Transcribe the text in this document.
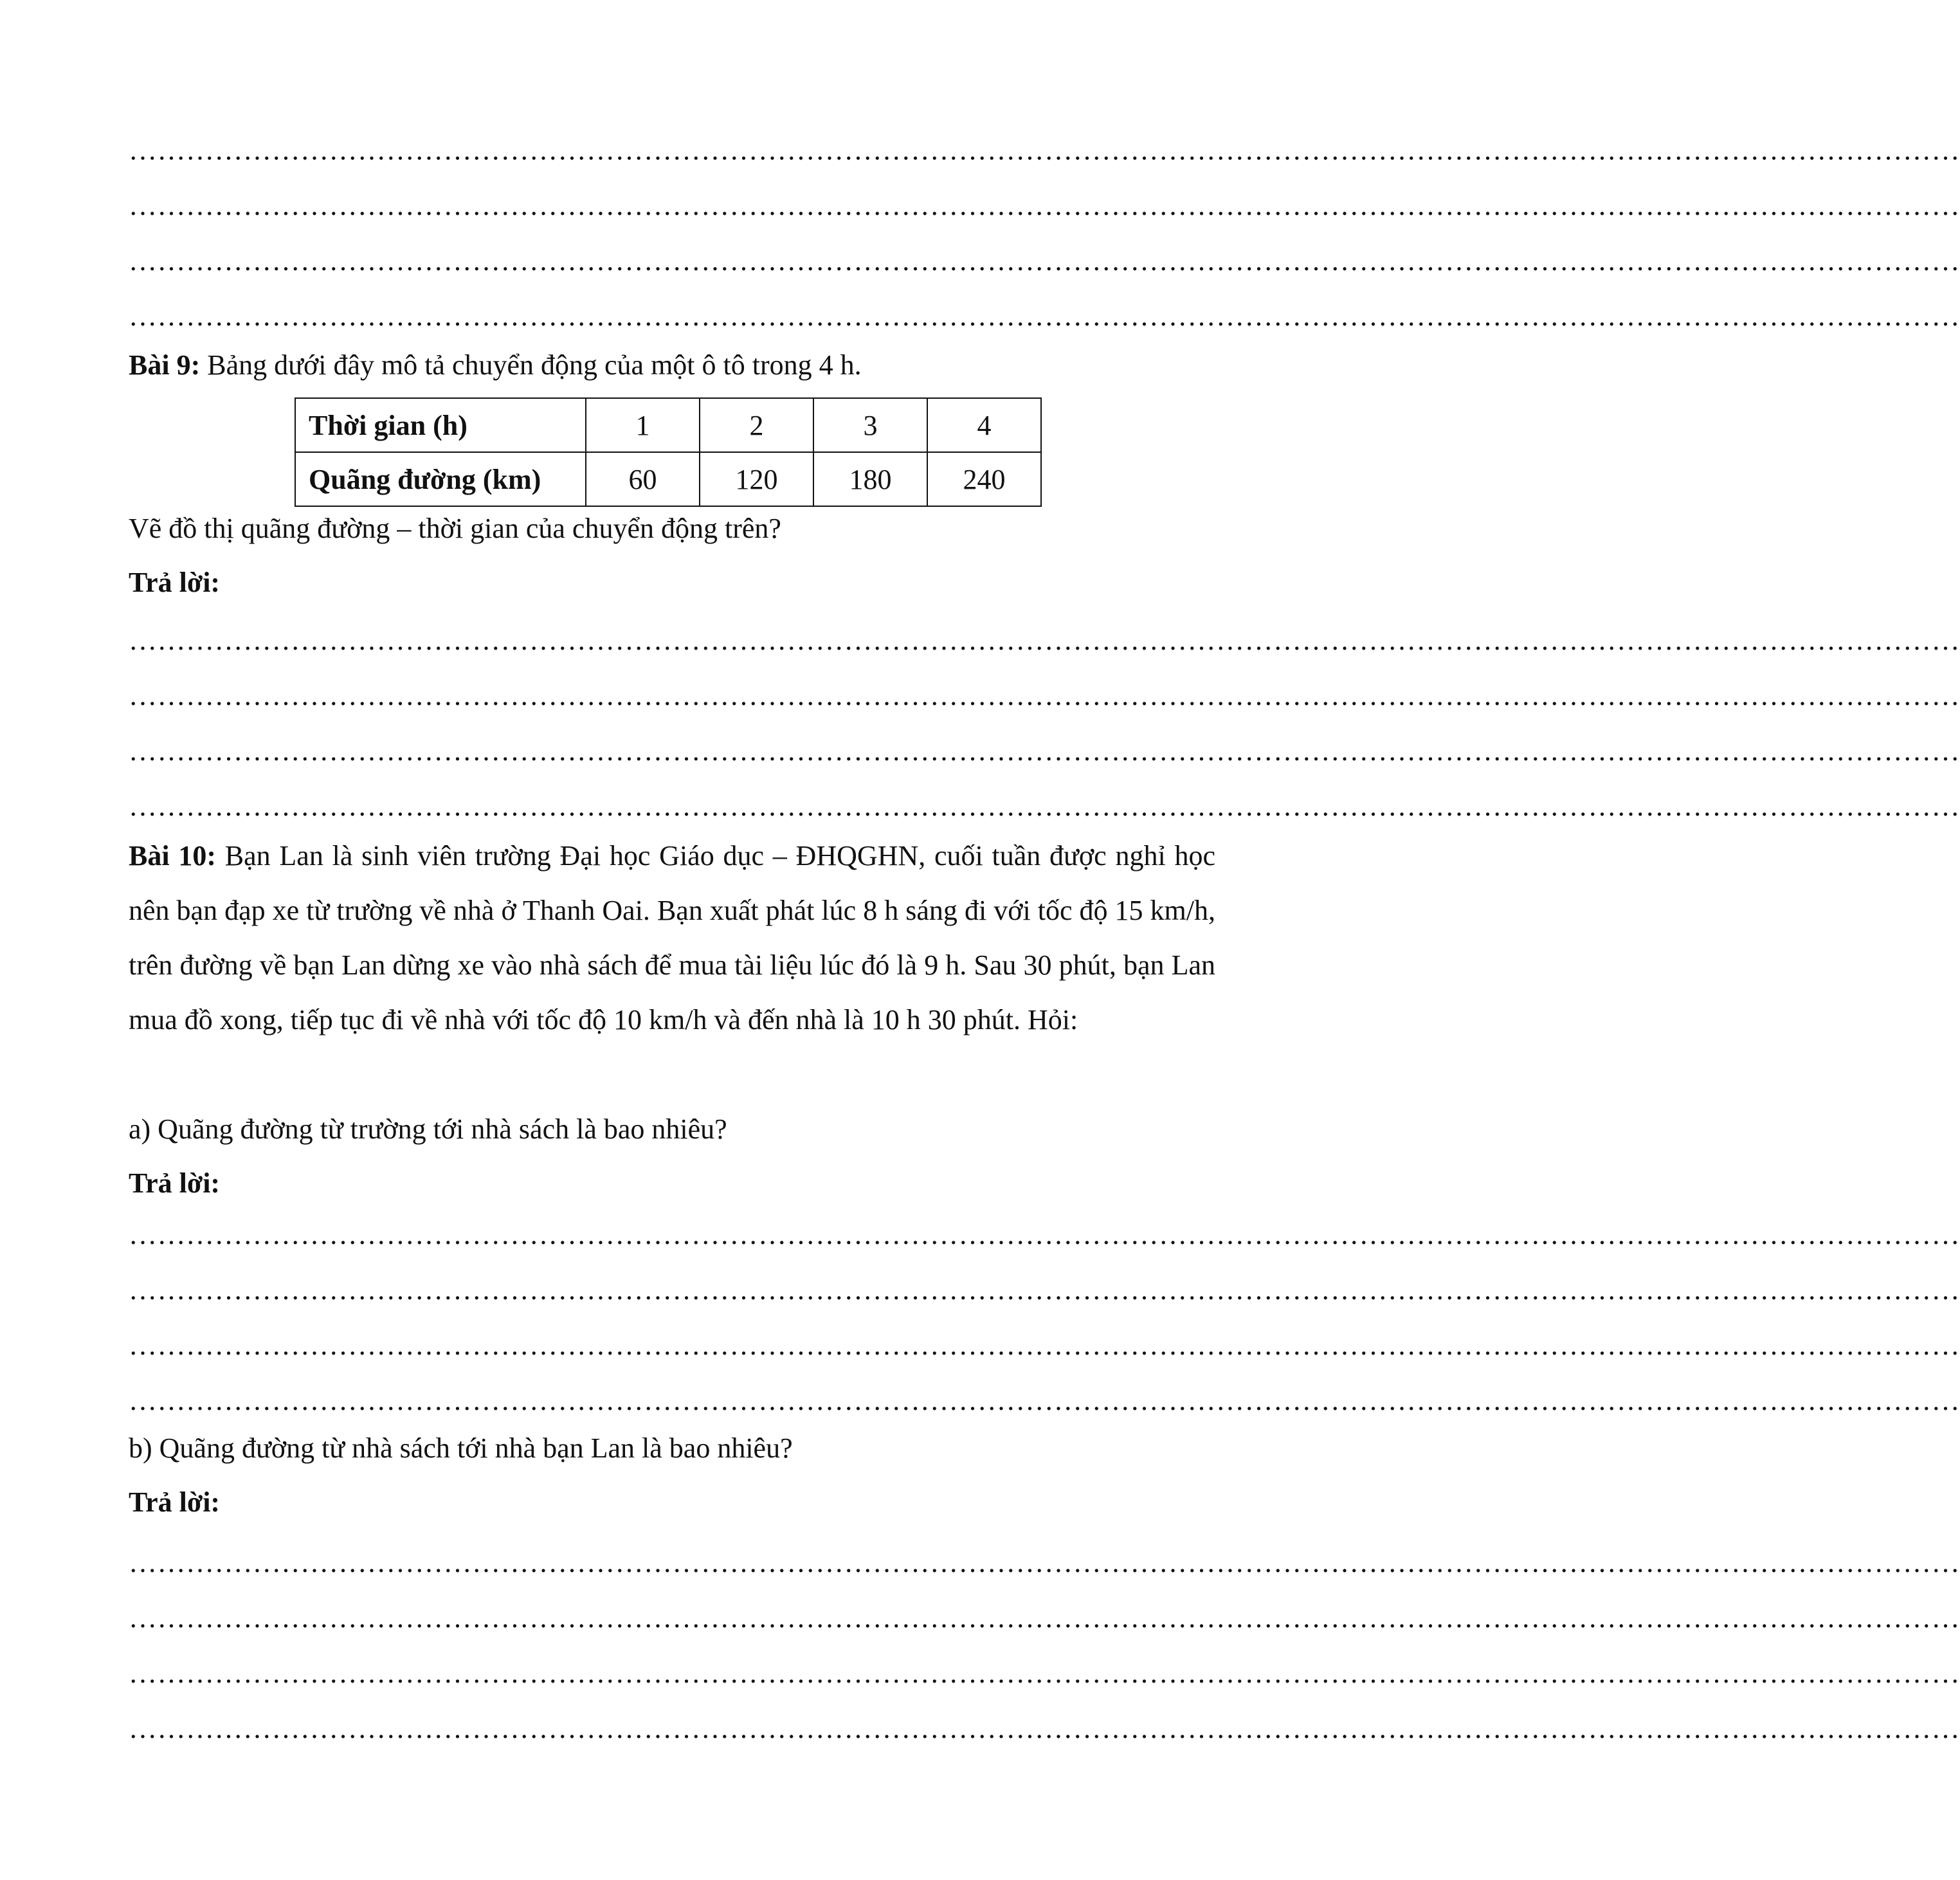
…………………………………………………………………………………………………………………………………………………………………………
…………………………………………………………………………………………………………………………………………………………………………
…………………………………………………………………………………………………………………………………………………………………………
…………………………………………………………………………………………………………………………………………………………………………
Bài 9: Bảng dưới đây mô tả chuyển động của một ô tô trong 4 h.
Thời gian (h)	1	2	3	4
Quãng đường (km)	60	120	180	240
Vẽ đồ thị quãng đường – thời gian của chuyển động trên?
Trả lời:
…………………………………………………………………………………………………………………………………………………………………………
…………………………………………………………………………………………………………………………………………………………………………
…………………………………………………………………………………………………………………………………………………………………………
…………………………………………………………………………………………………………………………………………………………………………
Bài 10: Bạn Lan là sinh viên trường Đại học Giáo dục – ĐHQGHN, cuối tuần được nghỉ học nên bạn đạp xe từ trường về nhà ở Thanh Oai. Bạn xuất phát lúc 8 h sáng đi với tốc độ 15 km/h, trên đường về bạn Lan dừng xe vào nhà sách để mua tài liệu lúc đó là 9 h. Sau 30 phút, bạn Lan mua đồ xong, tiếp tục đi về nhà với tốc độ 10 km/h và đến nhà là 10 h 30 phút. Hỏi:
a) Quãng đường từ trường tới nhà sách là bao nhiêu?
Trả lời:
…………………………………………………………………………………………………………………………………………………………………………
…………………………………………………………………………………………………………………………………………………………………………
…………………………………………………………………………………………………………………………………………………………………………
…………………………………………………………………………………………………………………………………………………………………………
b) Quãng đường từ nhà sách tới nhà bạn Lan là bao nhiêu?
Trả lời:
…………………………………………………………………………………………………………………………………………………………………………
…………………………………………………………………………………………………………………………………………………………………………
…………………………………………………………………………………………………………………………………………………………………………
…………………………………………………………………………………………………………………………………………………………………………
